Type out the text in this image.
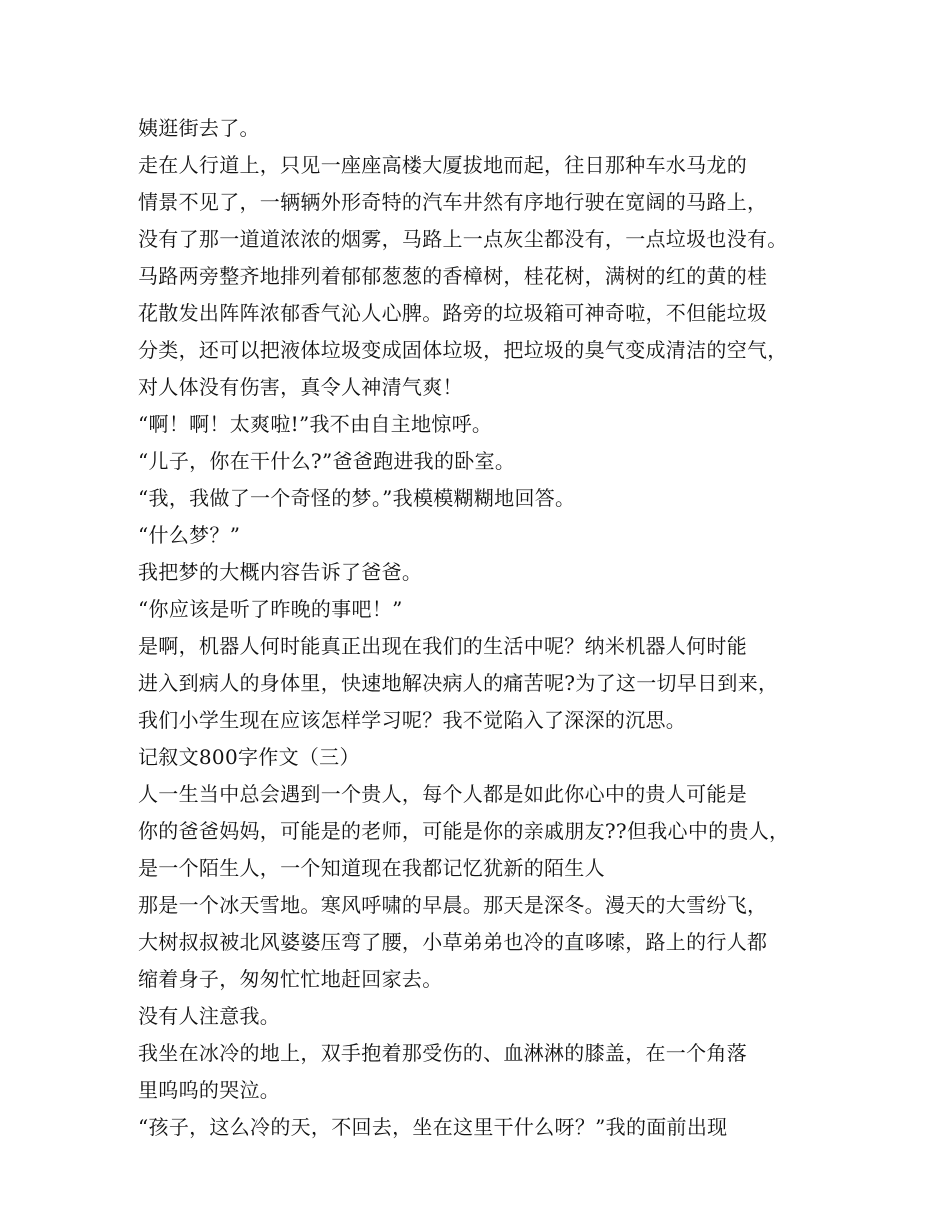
姨逛街去了。
走在人行道上，只见一座座高楼大厦拔地而起，往日那种车水马龙的
情景不见了，一辆辆外形奇特的汽车井然有序地行驶在宽阔的马路上，
没有了那一道道浓浓的烟雾，马路上一点灰尘都没有，一点垃圾也没有。
马路两旁整齐地排列着郁郁葱葱的香樟树，桂花树，满树的红的黄的桂
花散发出阵阵浓郁香气沁人心脾。路旁的垃圾箱可神奇啦，不但能垃圾
分类，还可以把液体垃圾变成固体垃圾，把垃圾的臭气变成清洁的空气，
对人体没有伤害，真令人神清气爽！
“啊！啊！太爽啦!”我不由自主地惊呼。
“儿子，你在干什么?”爸爸跑进我的卧室。
“我，我做了一个奇怪的梦。”我模模糊糊地回答。
“什么梦？”
我把梦的大概内容告诉了爸爸。
“你应该是听了昨晚的事吧！”
是啊，机器人何时能真正出现在我们的生活中呢？纳米机器人何时能
进入到病人的身体里，快速地解决病人的痛苦呢?为了这一切早日到来，
我们小学生现在应该怎样学习呢？我不觉陷入了深深的沉思。
记叙文800字作文（三）
人一生当中总会遇到一个贵人，每个人都是如此你心中的贵人可能是
你的爸爸妈妈，可能是的老师，可能是你的亲戚朋友??但我心中的贵人，
是一个陌生人，一个知道现在我都记忆犹新的陌生人
那是一个冰天雪地。寒风呼啸的早晨。那天是深冬。漫天的大雪纷飞，
大树叔叔被北风婆婆压弯了腰，小草弟弟也冷的直哆嗦，路上的行人都
缩着身子，匆匆忙忙地赶回家去。
没有人注意我。
我坐在冰冷的地上，双手抱着那受伤的、血淋淋的膝盖，在一个角落
里呜呜的哭泣。
“孩子，这么冷的天，不回去，坐在这里干什么呀？”我的面前出现
